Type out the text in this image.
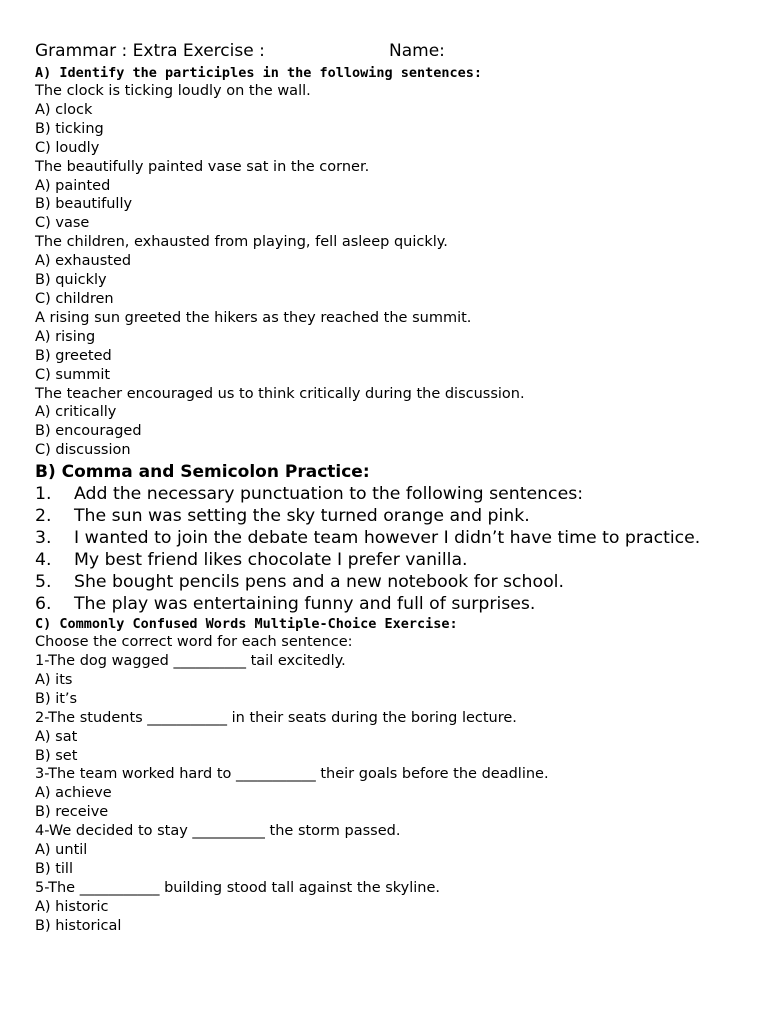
Grammar : Extra Exercise :	Name:
A) Identify the participles in the following sentences:
The clock is ticking loudly on the wall.
A) clock
B) ticking
C) loudly
The beautifully painted vase sat in the corner.
A) painted
B) beautifully
C) vase
The children, exhausted from playing, fell asleep quickly.
A) exhausted
B) quickly
C) children
A rising sun greeted the hikers as they reached the summit.
A) rising
B) greeted
C) summit
The teacher encouraged us to think critically during the discussion.
A) critically
B) encouraged
C) discussion
B) Comma and Semicolon Practice:
1. Add the necessary punctuation to the following sentences:
2. The sun was setting the sky turned orange and pink.
3. I wanted to join the debate team however I didn’t have time to practice.
4. My best friend likes chocolate I prefer vanilla.
5. She bought pencils pens and a new notebook for school.
6. The play was entertaining funny and full of surprises.
C) Commonly Confused Words Multiple-Choice Exercise:
Choose the correct word for each sentence:
1-The dog wagged __________ tail excitedly.
A) its
B) it’s
2-The students ___________ in their seats during the boring lecture.
A) sat
B) set
3-The team worked hard to ___________ their goals before the deadline.
A) achieve
B) receive
4-We decided to stay __________ the storm passed.
A) until
B) till
5-The ___________ building stood tall against the skyline.
A) historic
B) historical
